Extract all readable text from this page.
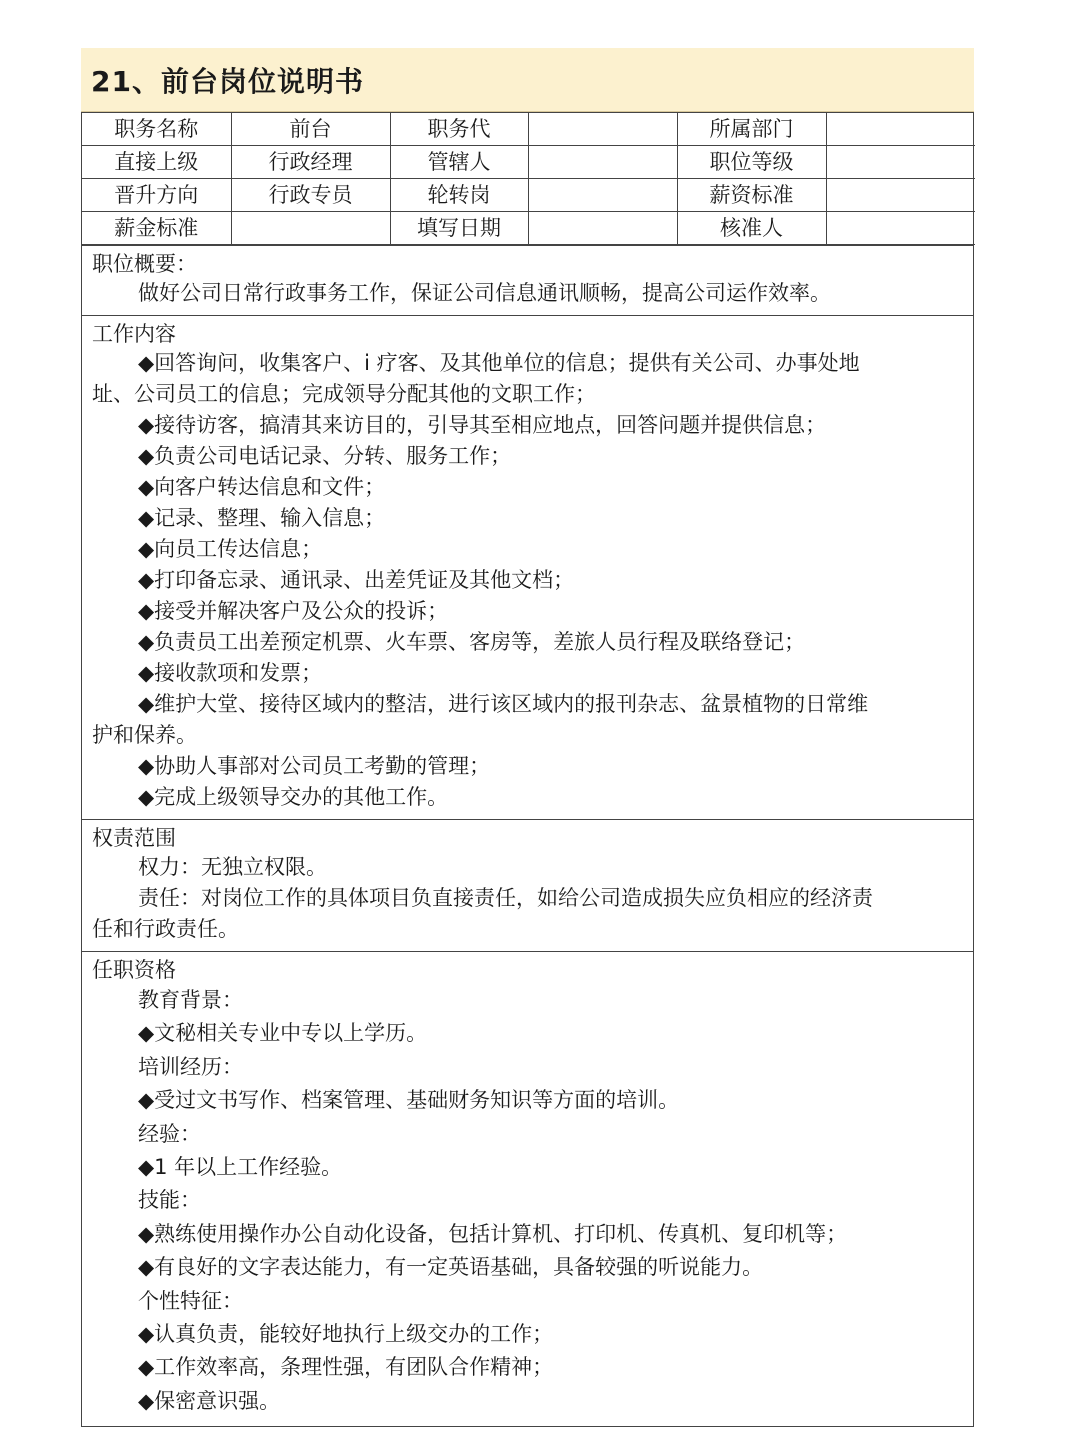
21、前台岗位说明书
职务名称	前台	职务代		所属部门	
直接上级	行政经理	管辖人		职位等级	
晋升方向	行政专员	轮转岗		薪资标准	
薪金标准		填写日期		核准人	
职位概要：
做好公司日常行政事务工作，保证公司信息通讯顺畅，提高公司运作效率。
工作内容
◆回答询问，收集客户、i 疗客、及其他单位的信息；提供有关公司、办事处地
址、公司员工的信息；完成领导分配其他的文职工作；
◆接待访客，搞清其来访目的，引导其至相应地点，回答问题并提供信息；
◆负责公司电话记录、分转、服务工作；
◆向客户转达信息和文件；
◆记录、整理、输入信息；
◆向员工传达信息；
◆打印备忘录、通讯录、出差凭证及其他文档；
◆接受并解决客户及公众的投诉；
◆负责员工出差预定机票、火车票、客房等，差旅人员行程及联络登记；
◆接收款项和发票；
◆维护大堂、接待区域内的整洁，进行该区域内的报刊杂志、盆景植物的日常维
护和保养。
◆协助人事部对公司员工考勤的管理；
◆完成上级领导交办的其他工作。
权责范围
权力：无独立权限。
责任：对岗位工作的具体项目负直接责任，如给公司造成损失应负相应的经济责
任和行政责任。
任职资格
教育背景：
◆文秘相关专业中专以上学历。
培训经历：
◆受过文书写作、档案管理、基础财务知识等方面的培训。
经验：
◆1 年以上工作经验。
技能：
◆熟练使用操作办公自动化设备，包括计算机、打印机、传真机、复印机等；
◆有良好的文字表达能力，有一定英语基础，具备较强的听说能力。
个性特征：
◆认真负责，能较好地执行上级交办的工作；
◆工作效率高，条理性强，有团队合作精神；
◆保密意识强。
